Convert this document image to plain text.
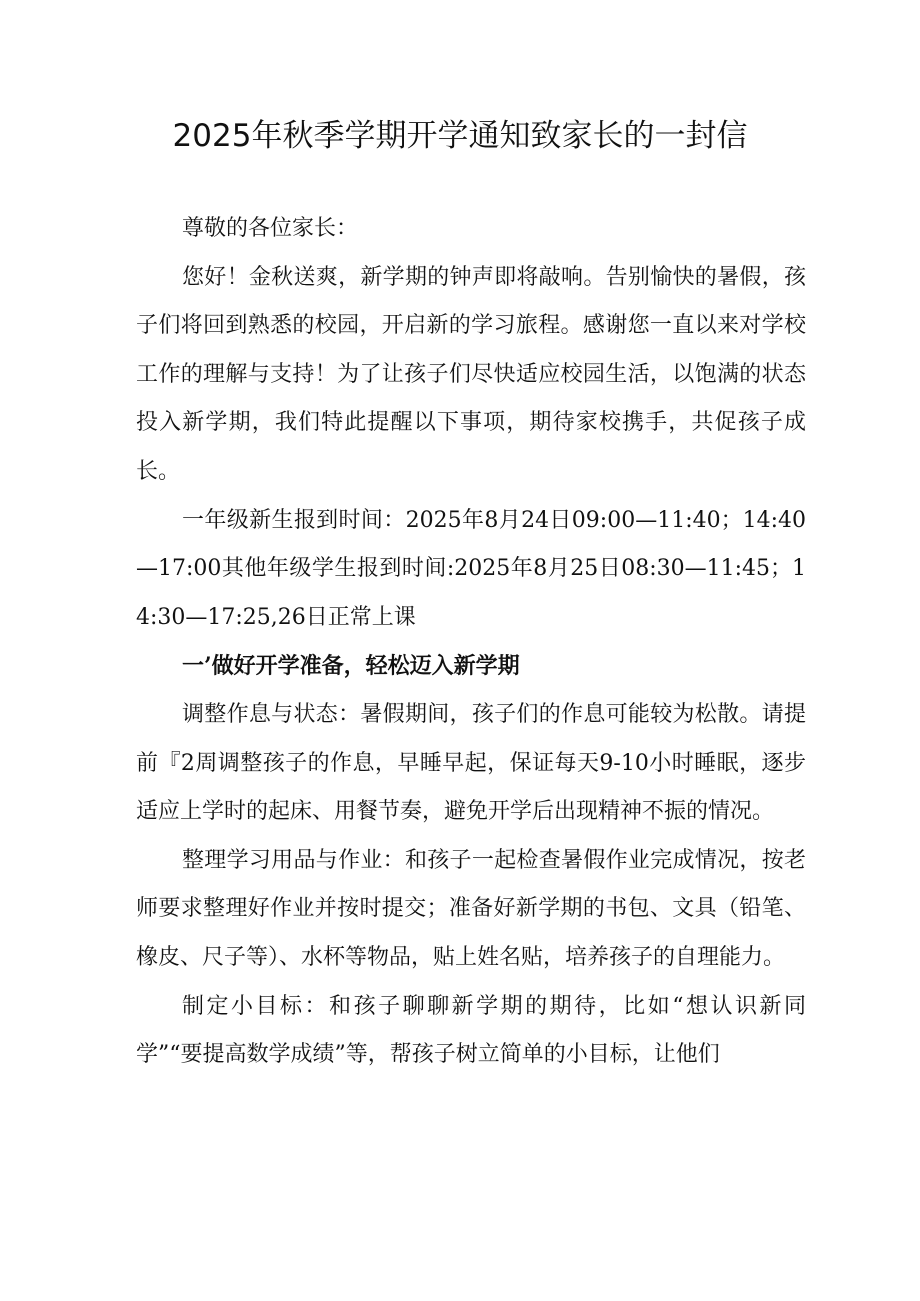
2025年秋季学期开学通知致家长的一封信

尊敬的各位家长：

您好！金秋送爽，新学期的钟声即将敲响。告别愉快的暑假，孩子们将回到熟悉的校园，开启新的学习旅程。感谢您一直以来对学校工作的理解与支持！为了让孩子们尽快适应校园生活，以饱满的状态投入新学期，我们特此提醒以下事项，期待家校携手，共促孩子成长。

一年级新生报到时间：2025年8月24日09:00—11:40；14:40—17:00其他年级学生报到时间:2025年8月25日08:30—11:45；14:30—17:25,26日正常上课

一’做好开学准备，轻松迈入新学期

调整作息与状态：暑假期间，孩子们的作息可能较为松散。请提前『2周调整孩子的作息，早睡早起，保证每天9-10小时睡眠，逐步适应上学时的起床、用餐节奏，避免开学后出现精神不振的情况。

整理学习用品与作业：和孩子一起检查暑假作业完成情况，按老师要求整理好作业并按时提交；准备好新学期的书包、文具（铅笔、橡皮、尺子等）、水杯等物品，贴上姓名贴，培养孩子的自理能力。

制定小目标：和孩子聊聊新学期的期待，比如“想认识新同学”“要提高数学成绩”等，帮孩子树立简单的小目标，让他们
